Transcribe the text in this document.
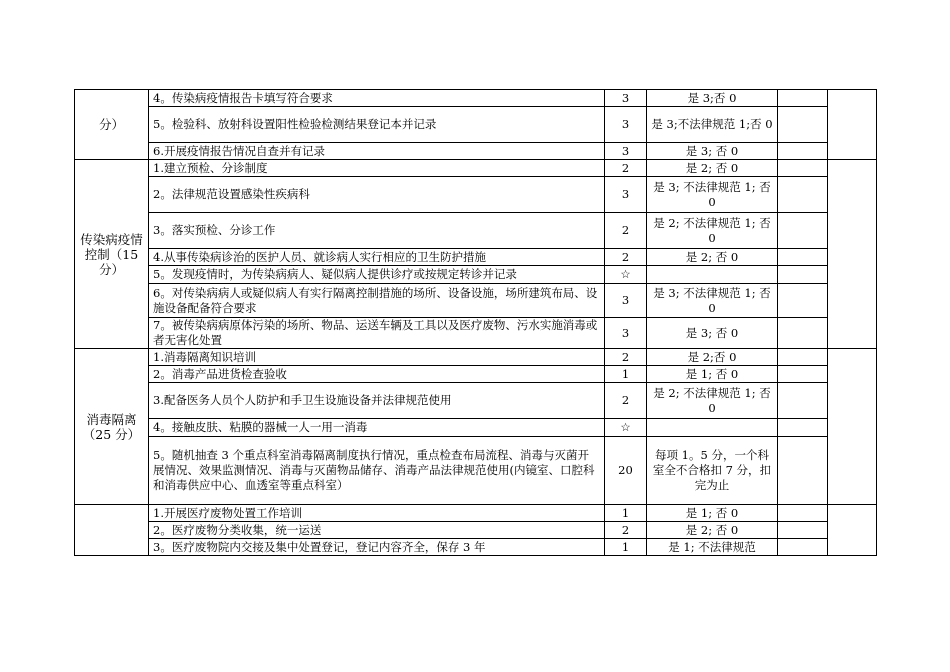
分）	4。传染病疫情报告卡填写符合要求	3	是 3;否 0		
	5。检验科、放射科设置阳性检验检测结果登记本并记录	3	是 3;不法律规范 1;否 0		
	6.开展疫情报告情况自查并有记录	3	是 3; 否 0		
传染病疫情控制（15 分）	1.建立预检、分诊制度	2	是 2; 否 0		
	2。法律规范设置感染性疾病科	3	是 3; 不法律规范 1; 否 0		
	3。落实预检、分诊工作	2	是 2; 不法律规范 1; 否 0		
	4.从事传染病诊治的医护人员、就诊病人实行相应的卫生防护措施	2	是 2; 否 0		
	5。发现疫情时，为传染病病人、疑似病人提供诊疗或按规定转诊并记录	☆			
	6。对传染病病人或疑似病人有实行隔离控制措施的场所、设备设施，场所建筑布局、设施设备配备符合要求	3	是 3; 不法律规范 1; 否 0		
	7。被传染病病原体污染的场所、物品、运送车辆及工具以及医疗废物、污水实施消毒或者无害化处置	3	是 3; 否 0		
消毒隔离（25 分）	1.消毒隔离知识培训	2	是 2;否 0		
	2。消毒产品进货检查验收	1	是 1; 否 0		
	3.配备医务人员个人防护和手卫生设施设备并法律规范使用	2	是 2; 不法律规范 1; 否 0		
	4。接触皮肤、粘膜的器械一人一用一消毒	☆			
	5。随机抽查 3 个重点科室消毒隔离制度执行情况，重点检查布局流程、消毒与灭菌开展情况、效果监测情况、消毒与灭菌物品储存、消毒产品法律规范使用(内镜室、口腔科和消毒供应中心、血透室等重点科室）	20	每项 1。5 分，一个科室全不合格扣 7 分，扣完为止		
	1.开展医疗废物处置工作培训	1	是 1; 否 0		
	2。医疗废物分类收集，统一运送	2	是 2; 否 0		
	3。医疗废物院内交接及集中处置登记，登记内容齐全，保存 3 年	1	是 1; 不法律规范		
